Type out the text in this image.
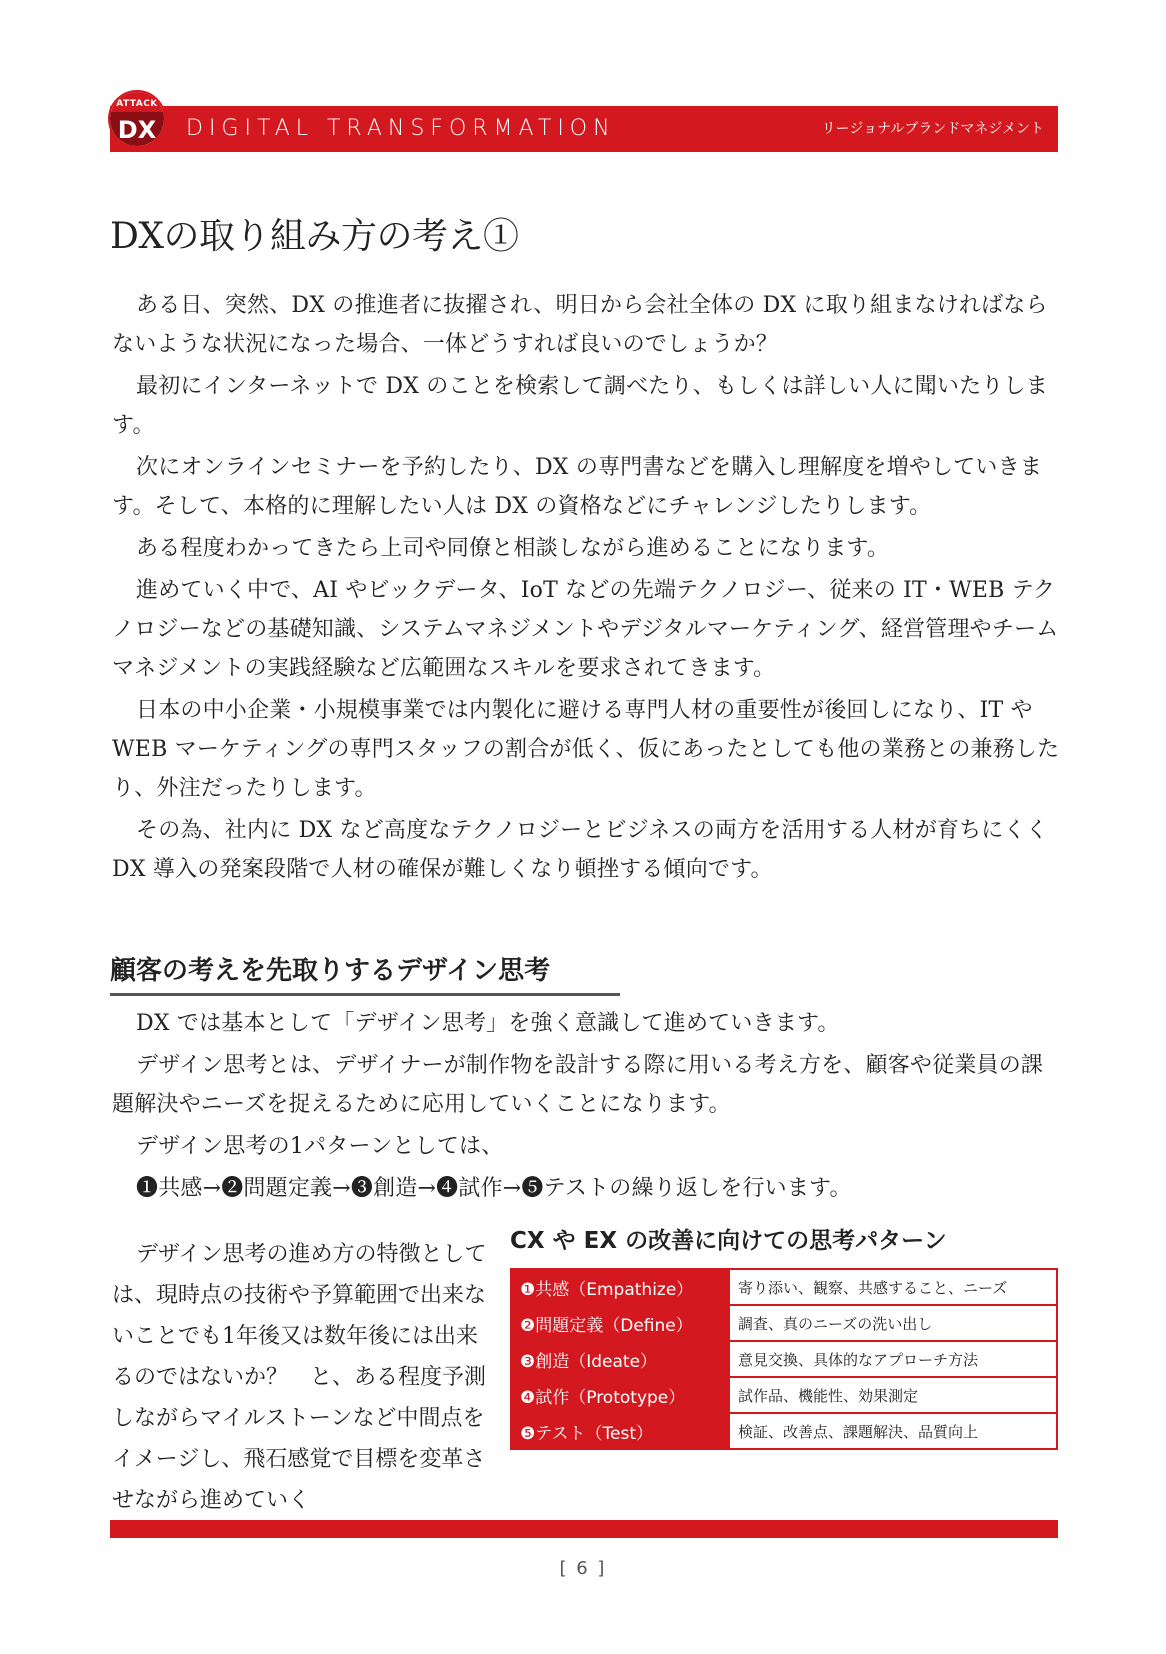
ATTACK
DX	DIGITAL TRANSFORMATION	リージョナルブランドマネジメント
DXの取り組み方の考え①

ある日、突然、DX の推進者に抜擢され、明日から会社全体の DX に取り組まなければならないような状況になった場合、一体どうすれば良いのでしょうか？

最初にインターネットで DX のことを検索して調べたり、もしくは詳しい人に聞いたりします。

次にオンラインセミナーを予約したり、DX の専門書などを購入し理解度を増やしていきます。そして、本格的に理解したい人は DX の資格などにチャレンジしたりします。

ある程度わかってきたら上司や同僚と相談しながら進めることになります。

進めていく中で、AI やビックデータ、IoT などの先端テクノロジー、従来の IT・WEB テクノロジーなどの基礎知識、システムマネジメントやデジタルマーケティング、経営管理やチームマネジメントの実践経験など広範囲なスキルを要求されてきます。

日本の中小企業・小規模事業では内製化に避ける専門人材の重要性が後回しになり、IT や WEB マーケティングの専門スタッフの割合が低く、仮にあったとしても他の業務との兼務したり、外注だったりします。

その為、社内に DX など高度なテクノロジーとビジネスの両方を活用する人材が育ちにくく DX 導入の発案段階で人材の確保が難しくなり頓挫する傾向です。

顧客の考えを先取りするデザイン思考

DX では基本として「デザイン思考」を強く意識して進めていきます。

デザイン思考とは、デザイナーが制作物を設計する際に用いる考え方を、顧客や従業員の課題解決やニーズを捉えるために応用していくことになります。

デザイン思考の1パターンとしては、

❶共感→❷問題定義→❸創造→❹試作→❺テストの繰り返しを行います。

デザイン思考の進め方の特徴としては、現時点の技術や予算範囲で出来ないことでも1年後又は数年後には出来るのではないか？　と、ある程度予測しながらマイルストーンなど中間点をイメージし、飛石感覚で目標を変革させながら進めていく
CX や EX の改善に向けての思考パターン
❶共感（Empathize）	寄り添い、観察、共感すること、ニーズ
❷問題定義（Define）	調査、真のニーズの洗い出し
❸創造（Ideate）	意見交換、具体的なアプローチ方法
❹試作（Prototype）	試作品、機能性、効果測定
❺テスト（Test）	検証、改善点、課題解決、品質向上
[ 6 ]
